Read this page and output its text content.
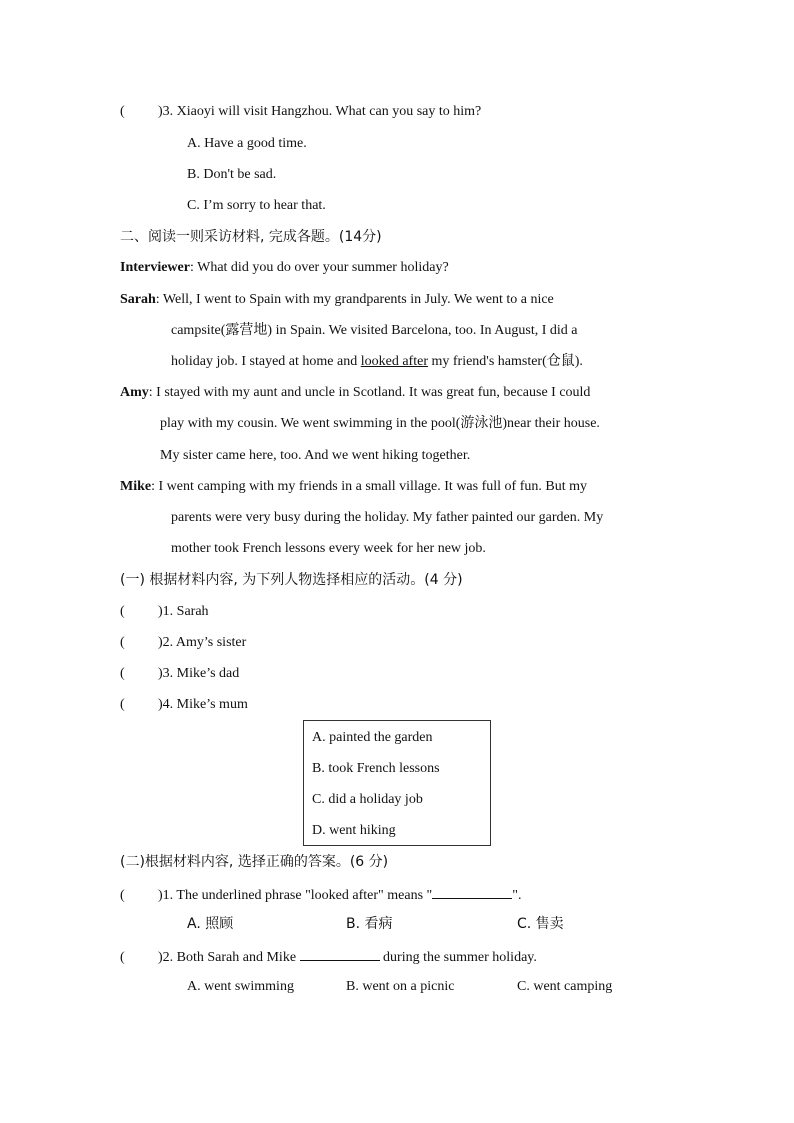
( )3. Xiaoyi will visit Hangzhou. What can you say to him?
A. Have a good time.
B. Don't be sad.
C. I’m sorry to hear that.
二、阅读一则采访材料, 完成各题。(14分)
Interviewer: What did you do over your summer holiday?
Sarah: Well, I went to Spain with my grandparents in July. We went to a nice
campsite(露营地) in Spain. We visited Barcelona, too. In August, I did a
holiday job. I stayed at home and looked after my friend's hamster(仓鼠).
Amy: I stayed with my aunt and uncle in Scotland. It was great fun, because I could
play with my cousin. We went swimming in the pool(游泳池)near their house.
My sister came here, too. And we went hiking together.
Mike: I went camping with my friends in a small village. It was full of fun. But my
parents were very busy during the holiday. My father painted our garden. My
mother took French lessons every week for her new job.
(一) 根据材料内容, 为下列人物选择相应的活动。(4 分)
( )1. Sarah
( )2. Amy’s sister
( )3. Mike’s dad
( )4. Mike’s mum
A. painted the garden
B. took French lessons
C. did a holiday job
D. went hiking
(二)根据材料内容, 选择正确的答案。(6 分)
( )1. The underlined phrase "looked after" means "	".
A. 照顾	B. 看病	C. 售卖
( )2. Both Sarah and Mike	during the summer holiday.
A. went swimming	B. went on a picnic	C. went camping
